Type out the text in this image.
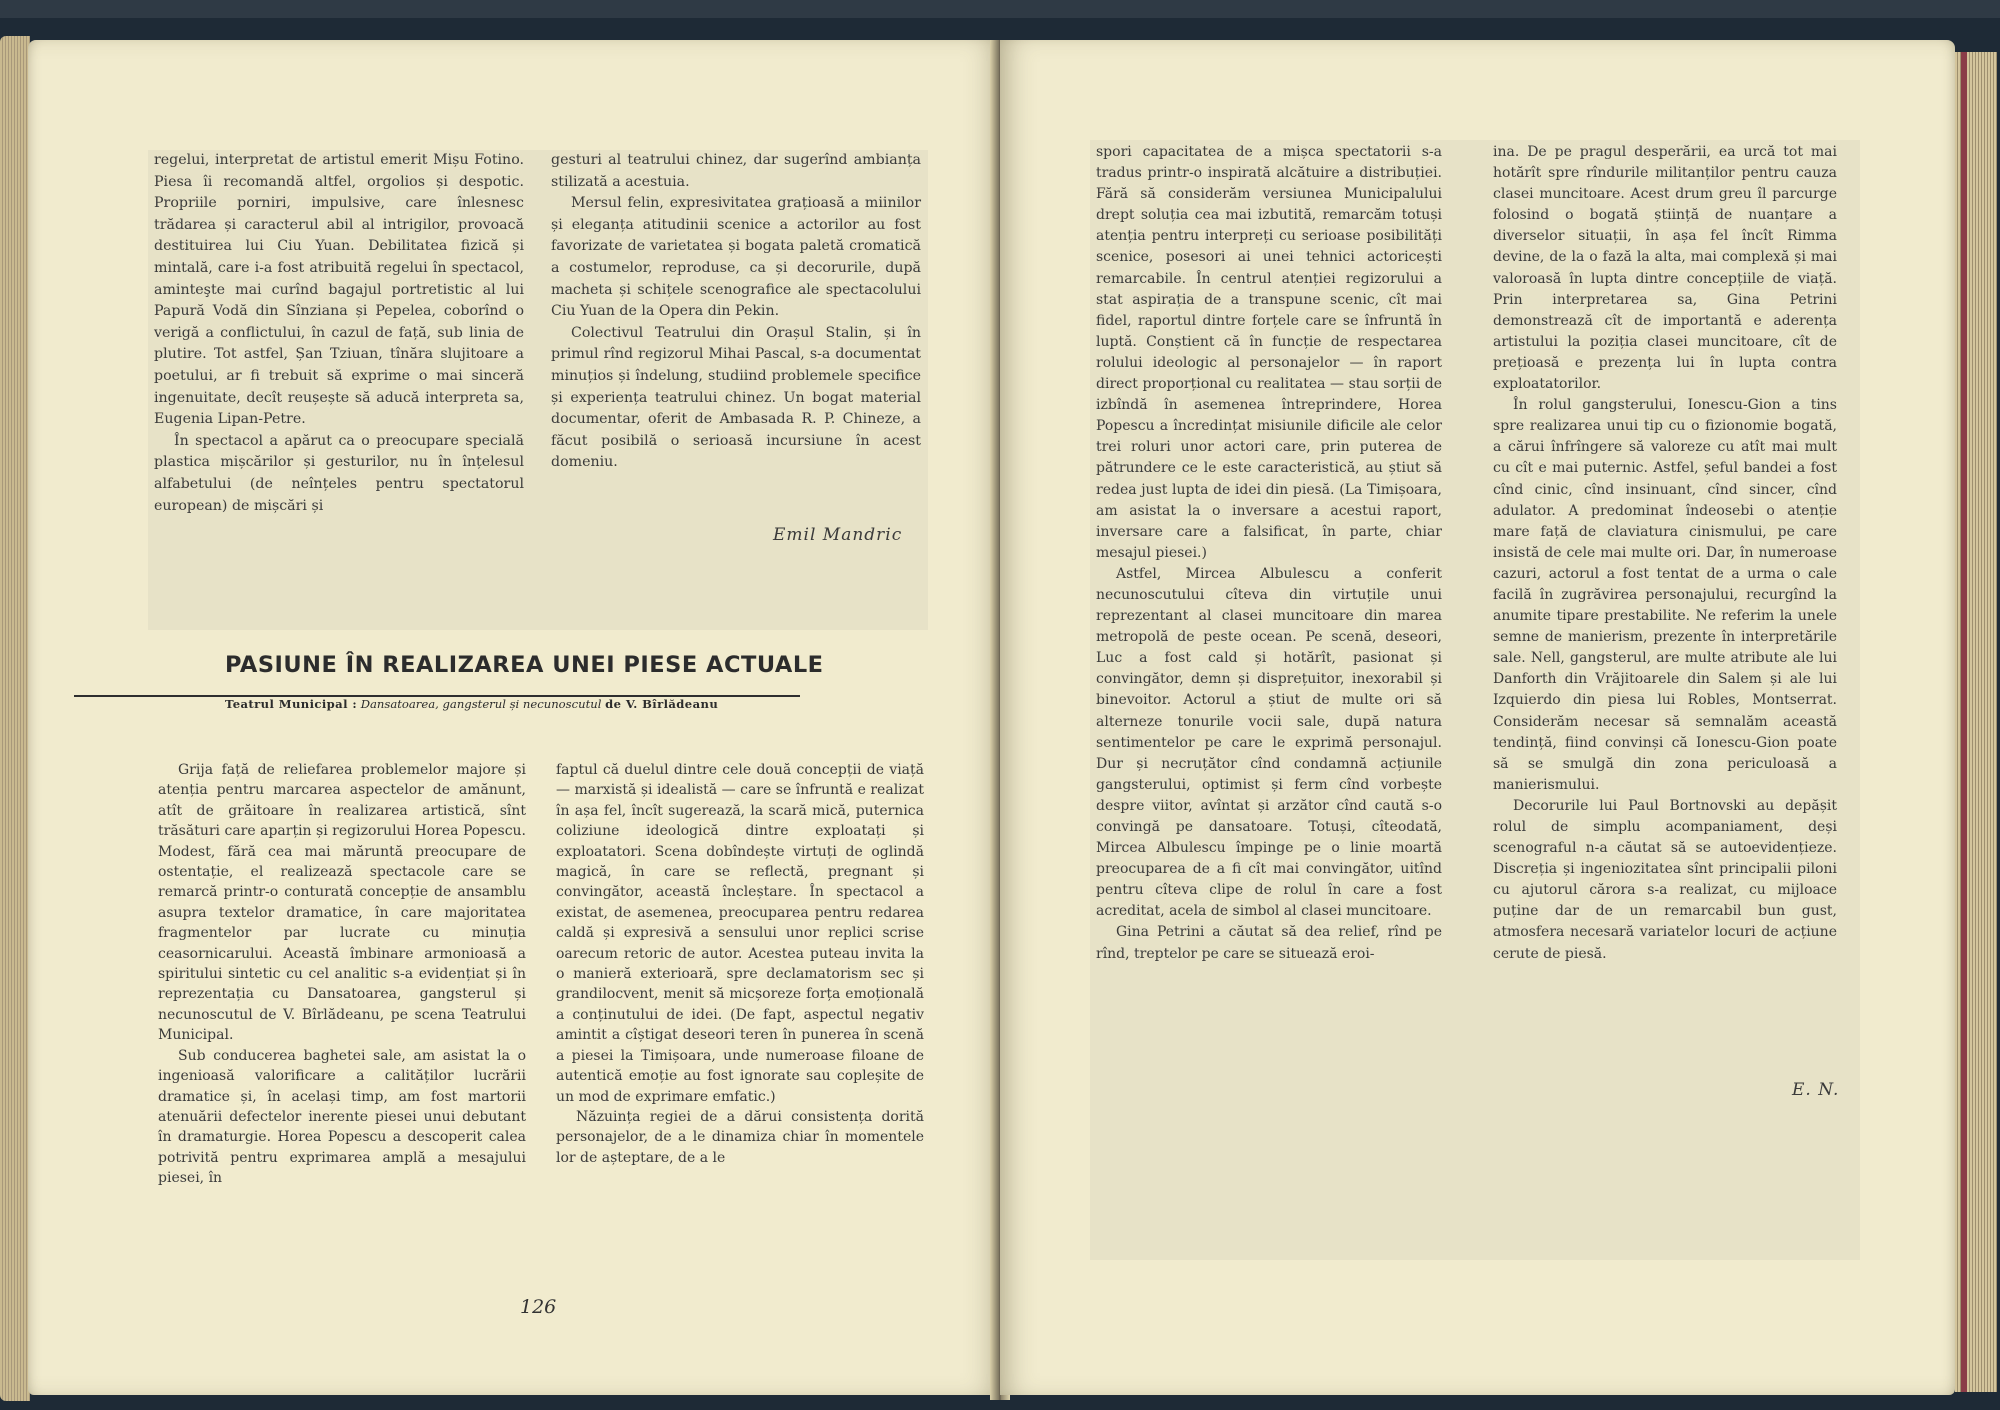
regelui, interpretat de artistul emerit Mișu Fotino. Piesa îi recomandă altfel, orgolios și despotic. Propriile porniri, impulsive, care înlesnesc trădarea și caracterul abil al intrigilor, provoacă destituirea lui Ciu Yuan. Debilitatea fizică și mintală, care i-a fost atribuită regelui în spectacol, aminteşte mai curînd bagajul portretistic al lui Papură Vodă din Sînziana și Pepelea, coborînd o verigă a conflictului, în cazul de față, sub linia de plutire. Tot astfel, Șan Tziuan, tînăra slujitoare a poetului, ar fi trebuit să exprime o mai sinceră ingenuitate, decît reușește să aducă interpreta sa, Eugenia Lipan-Petre.

În spectacol a apărut ca o preocupare specială plastica mișcărilor și gesturilor, nu în înțelesul alfabetului (de neînțeles pentru spectatorul european) de mișcări și

gesturi al teatrului chinez, dar sugerînd ambianța stilizată a acestuia.

Mersul felin, expresivitatea grațioasă a miinilor și eleganța atitudinii scenice a actorilor au fost favorizate de varietatea și bogata paletă cromatică a costumelor, reproduse, ca și decorurile, după macheta și schițele scenografice ale spectacolului Ciu Yuan de la Opera din Pekin.

Colectivul Teatrului din Orașul Stalin, și în primul rînd regizorul Mihai Pascal, s-a documentat minuțios și îndelung, studiind problemele specifice și experiența teatrului chinez. Un bogat material documentar, oferit de Ambasada R. P. Chineze, a făcut posibilă o serioasă incursiune în acest domeniu.

Emil Mandric
PASIUNE ÎN REALIZAREA UNEI PIESE ACTUALE
Teatrul Municipal : Dansatoarea, gangsterul și necunoscutul de V. Bîrlădeanu

Grija față de reliefarea problemelor majore și atenția pentru marcarea aspectelor de amănunt, atît de grăitoare în realizarea artistică, sînt trăsături care aparțin și regizorului Horea Popescu. Modest, fără cea mai măruntă preocupare de ostentație, el realizează spectacole care se remarcă printr-o conturată concepție de ansamblu asupra textelor dramatice, în care majoritatea fragmentelor par lucrate cu minuția ceasornicarului. Această îmbinare armonioasă a spiritului sintetic cu cel analitic s-a evidențiat și în reprezentația cu Dansatoarea, gangsterul și necunoscutul de V. Bîrlădeanu, pe scena Teatrului Municipal.

Sub conducerea baghetei sale, am asistat la o ingenioasă valorificare a calităților lucrării dramatice și, în același timp, am fost martorii atenuării defectelor inerente piesei unui debutant în dramaturgie. Horea Popescu a descoperit calea potrivită pentru exprimarea amplă a mesajului piesei, în

faptul că duelul dintre cele două concepții de viață — marxistă și idealistă — care se înfruntă e realizat în așa fel, încît sugerează, la scară mică, puternica coliziune ideologică dintre exploatați și exploatatori. Scena dobîndește virtuți de oglindă magică, în care se reflectă, pregnant și convingător, această încleștare. În spectacol a existat, de asemenea, preocuparea pentru redarea caldă și expresivă a sensului unor replici scrise oarecum retoric de autor. Acestea puteau invita la o manieră exterioară, spre declamatorism sec și grandilocvent, menit să micșoreze forța emoțională a conținutului de idei. (De fapt, aspectul negativ amintit a cîștigat deseori teren în punerea în scenă a piesei la Timișoara, unde numeroase filoane de autentică emoție au fost ignorate sau copleșite de un mod de exprimare emfatic.)

Năzuința regiei de a dărui consistența dorită personajelor, de a le dinamiza chiar în momentele lor de așteptare, de a le

126

spori capacitatea de a mișca spectatorii s-a tradus printr-o inspirată alcătuire a distribuției. Fără să considerăm versiunea Municipalului drept soluția cea mai izbutită, remarcăm totuși atenția pentru interpreți cu serioase posibilități scenice, posesori ai unei tehnici actoricești remarcabile. În centrul atenției regizorului a stat aspirația de a transpune scenic, cît mai fidel, raportul dintre forțele care se înfruntă în luptă. Conștient că în funcție de respectarea rolului ideologic al personajelor — în raport direct proporțional cu realitatea — stau sorții de izbîndă în asemenea întreprindere, Horea Popescu a încredințat misiunile dificile ale celor trei roluri unor actori care, prin puterea de pătrundere ce le este caracteristică, au știut să redea just lupta de idei din piesă. (La Timișoara, am asistat la o inversare a acestui raport, inversare care a falsificat, în parte, chiar mesajul piesei.)

Astfel, Mircea Albulescu a conferit necunoscutului cîteva din virtuțile unui reprezentant al clasei muncitoare din marea metropolă de peste ocean. Pe scenă, deseori, Luc a fost cald și hotărît, pasionat și convingător, demn și disprețuitor, inexorabil și binevoitor. Actorul a știut de multe ori să alterneze tonurile vocii sale, după natura sentimentelor pe care le exprimă personajul. Dur și necruțător cînd condamnă acțiunile gangsterului, optimist și ferm cînd vorbește despre viitor, avîntat și arzător cînd caută s-o convingă pe dansatoare. Totuși, cîteodată, Mircea Albulescu împinge pe o linie moartă preocuparea de a fi cît mai convingător, uitînd pentru cîteva clipe de rolul în care a fost acreditat, acela de simbol al clasei muncitoare.

Gina Petrini a căutat să dea relief, rînd pe rînd, treptelor pe care se situează eroi-

ina. De pe pragul desperării, ea urcă tot mai hotărît spre rîndurile militanților pentru cauza clasei muncitoare. Acest drum greu îl parcurge folosind o bogată știință de nuanțare a diverselor situații, în așa fel încît Rimma devine, de la o fază la alta, mai complexă și mai valoroasă în lupta dintre concepțiile de viață. Prin interpretarea sa, Gina Petrini demonstrează cît de importantă e aderența artistului la poziția clasei muncitoare, cît de prețioasă e prezența lui în lupta contra exploatatorilor.

În rolul gangsterului, Ionescu-Gion a tins spre realizarea unui tip cu o fizionomie bogată, a cărui înfrîngere să valoreze cu atît mai mult cu cît e mai puternic. Astfel, șeful bandei a fost cînd cinic, cînd insinuant, cînd sincer, cînd adulator. A predominat îndeosebi o atenție mare față de claviatura cinismului, pe care insistă de cele mai multe ori. Dar, în numeroase cazuri, actorul a fost tentat de a urma o cale facilă în zugrăvirea personajului, recurgînd la anumite tipare prestabilite. Ne referim la unele semne de manierism, prezente în interpretările sale. Nell, gangsterul, are multe atribute ale lui Danforth din Vrăjitoarele din Salem și ale lui Izquierdo din piesa lui Robles, Montserrat. Considerăm necesar să semnalăm această tendință, fiind convinși că Ionescu-Gion poate să se smulgă din zona periculoasă a manierismului.

Decorurile lui Paul Bortnovski au depășit rolul de simplu acompaniament, deși scenograful n-a căutat să se autoevidențieze. Discreția și ingeniozitatea sînt principalii piloni cu ajutorul cărora s-a realizat, cu mijloace puține dar de un remarcabil bun gust, atmosfera necesară variatelor locuri de acțiune cerute de piesă.

E. N.
